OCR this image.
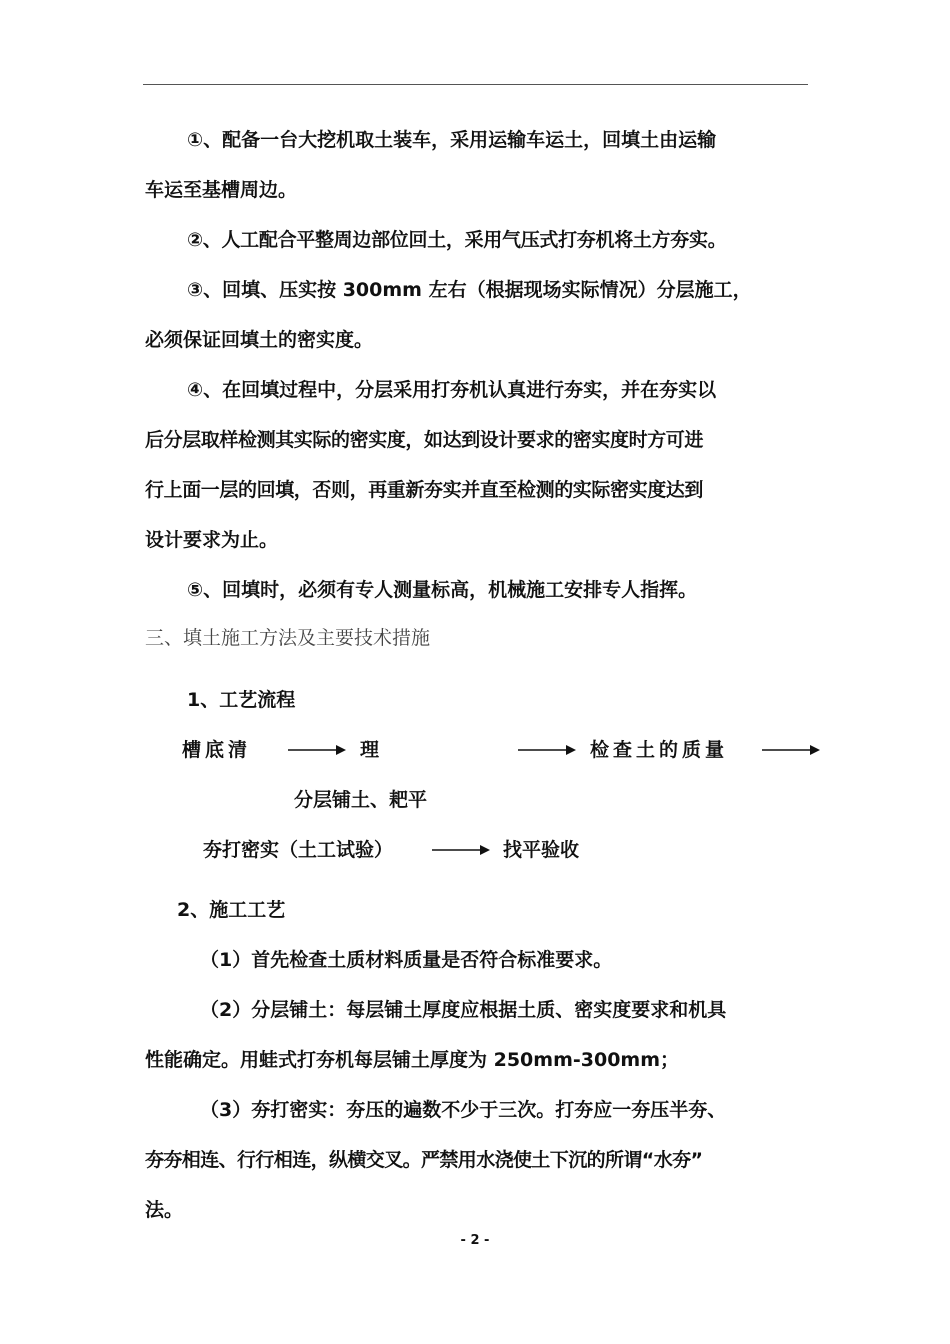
①、配备一台大挖机取土装车，采用运输车运土，回填土由运输
车运至基槽周边。
②、人工配合平整周边部位回土，采用气压式打夯机将土方夯实。
③、回填、压实按 300mm 左右（根据现场实际情况）分层施工，
必须保证回填土的密实度。
④、在回填过程中，分层采用打夯机认真进行夯实，并在夯实以
后分层取样检测其实际的密实度，如达到设计要求的密实度时方可进
行上面一层的回填，否则，再重新夯实并直至检测的实际密实度达到
设计要求为止。
⑤、回填时，必须有专人测量标高，机械施工安排专人指挥。
三、填土施工方法及主要技术措施
1、工艺流程
槽底清	理	检查土的质量
分层铺土、耙平
夯打密实（土工试验）	找平验收
2、施工工艺
（1）首先检查土质材料质量是否符合标准要求。
（2）分层铺土：每层铺土厚度应根据土质、密实度要求和机具
性能确定。用蛙式打夯机每层铺土厚度为 250mm-300mm；
（3）夯打密实：夯压的遍数不少于三次。打夯应一夯压半夯、
夯夯相连、行行相连，纵横交叉。严禁用水浇使土下沉的所谓“水夯”
法。
- 2 -
